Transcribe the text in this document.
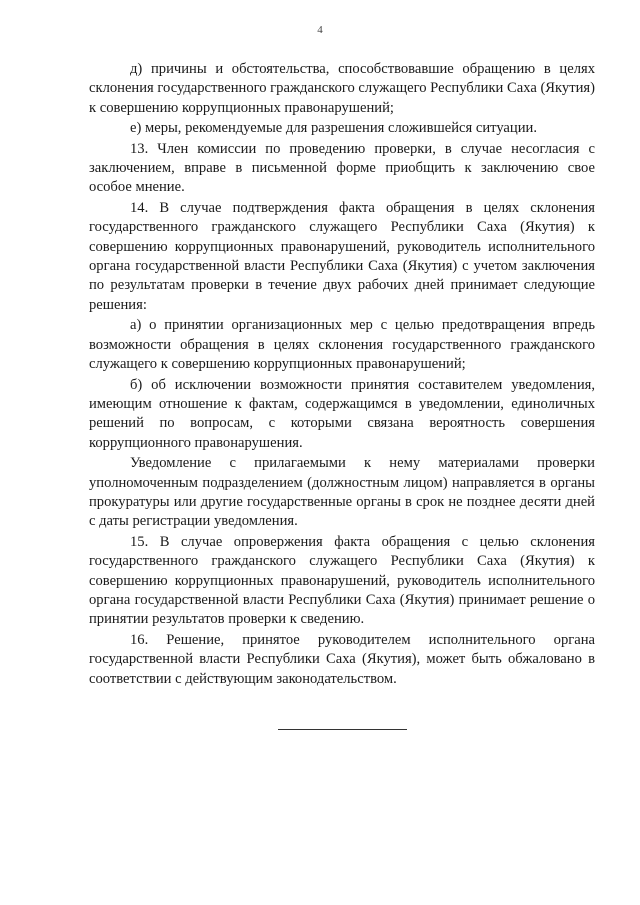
4

д) причины и обстоятельства, способствовавшие обращению в целях склонения государственного гражданского служащего Республики Саха (Якутия) к совершению коррупционных правонарушений;

е) меры, рекомендуемые для разрешения сложившейся ситуации.

13. Член комиссии по проведению проверки, в случае несогласия с заключением, вправе в письменной форме приобщить к заключению свое особое мнение.

14. В случае подтверждения факта обращения в целях склонения государственного гражданского служащего Республики Саха (Якутия) к совершению коррупционных правонарушений, руководитель исполнительного органа государственной власти Республики Саха (Якутия) с учетом заключения по результатам проверки в течение двух рабочих дней принимает следующие решения:

а) о принятии организационных мер с целью предотвращения впредь возможности обращения в целях склонения государственного гражданского служащего к совершению коррупционных правонарушений;

б) об исключении возможности принятия составителем уведомления, имеющим отношение к фактам, содержащимся в уведомлении, единоличных решений по вопросам, с которыми связана вероятность совершения коррупционного правонарушения.

Уведомление с прилагаемыми к нему материалами проверки уполномоченным подразделением (должностным лицом) направляется в органы прокуратуры или другие государственные органы в срок не позднее десяти дней с даты регистрации уведомления.

15. В случае опровержения факта обращения с целью склонения государственного гражданского служащего Республики Саха (Якутия) к совершению коррупционных правонарушений, руководитель исполнительного органа государственной власти Республики Саха (Якутия) принимает решение о принятии результатов проверки к сведению.

16. Решение, принятое руководителем исполнительного органа государственной власти Республики Саха (Якутия), может быть обжаловано в соответствии с действующим законодательством.
